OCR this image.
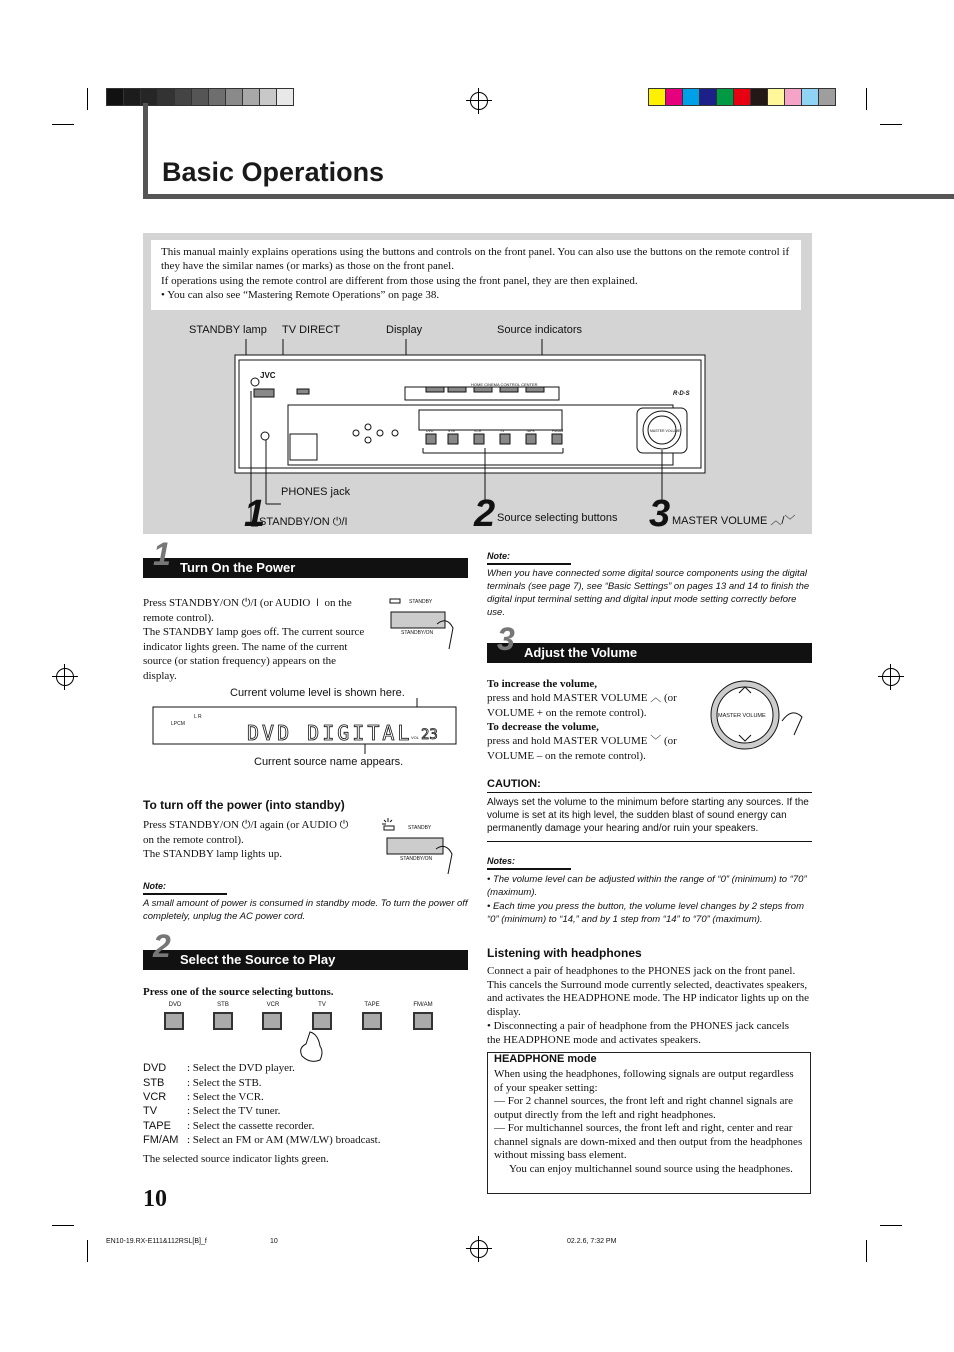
Basic Operations
This manual mainly explains operations using the buttons and controls on the front panel. You can also use the buttons on the remote control if they have the similar names (or marks) as those on the front panel.
If operations using the remote control are different from those using the front panel, they are then explained.
• You can also see “Mastering Remote Operations” on page 38.
STANDBY lamp TV DIRECT	Display	Source indicators
JVC
HOME CINEMA CONTROL CENTER
R·D·S
MASTER VOLUME
DVD	STB	VCR	TV	TAPE	FM/AM
PHONES jack
1
STANDBY/ON ⏻/I	2 Source selecting buttons 3 MASTER VOLUME ︿/﹀
1 Turn On the Power
Press STANDBY/ON ⏻/I (or AUDIO ⏽ on the remote control).
The STANDBY lamp goes off. The current source indicator lights green. The name of the current source (or station frequency) appears on the display.
STANDBY
STANDBY/ON
Current volume level is shown here.
LPCM
L R
DVD DIGITAL
VOL 23
Current source name appears.
To turn off the power (into standby)
Press STANDBY/ON ⏻/I again (or AUDIO ⏻ on the remote control).
The STANDBY lamp lights up.
STANDBY
STANDBY/ON
Note:
A small amount of power is consumed in standby mode. To turn the power off completely, unplug the AC power cord.
2 Select the Source to Play
Press one of the source selecting buttons.
DVD	STB	VCR	TV	TAPE	FM/AM
DVD : Select the DVD player.
STB : Select the STB.
VCR : Select the VCR.
TV	: Select the TV tuner.
TAPE : Select the cassette recorder.
FM/AM : Select an FM or AM (MW/LW) broadcast.
The selected source indicator lights green.
Note:
When you have connected some digital source components using the digital terminals (see page 7), see “Basic Settings” on pages 13 and 14 to finish the digital input terminal setting and digital input mode setting correctly before use.
3 Adjust the Volume
To increase the volume,
press and hold MASTER VOLUME ︿ (or VOLUME + on the remote control).
To decrease the volume,
press and hold MASTER VOLUME ﹀ (or VOLUME – on the remote control).
MASTER VOLUME
CAUTION:
Always set the volume to the minimum before starting any sources. If the volume is set at its high level, the sudden blast of sound energy can permanently damage your hearing and/or ruin your speakers.
Notes:
• The volume level can be adjusted within the range of “0” (minimum) to “70” (maximum).
• Each time you press the button, the volume level changes by 2 steps from “0” (minimum) to “14,” and by 1 step from “14” to “70” (maximum).
Listening with headphones
Connect a pair of headphones to the PHONES jack on the front panel. This cancels the Surround mode currently selected, deactivates speakers, and activates the HEADPHONE mode. The HP indicator lights up on the display.
• Disconnecting a pair of headphone from the PHONES jack cancels the HEADPHONE mode and activates speakers.
HEADPHONE mode
When using the headphones, following signals are output regardless of your speaker setting:
— For 2 channel sources, the front left and right channel signals are output directly from the left and right headphones.
— For multichannel sources, the front left and right, center and rear channel signals are down-mixed and then output from the headphones without missing bass element.
You can enjoy multichannel sound source using the headphones.
10
EN10-19.RX-E111&112RSL[B]_f	10	02.2.6, 7:32 PM
